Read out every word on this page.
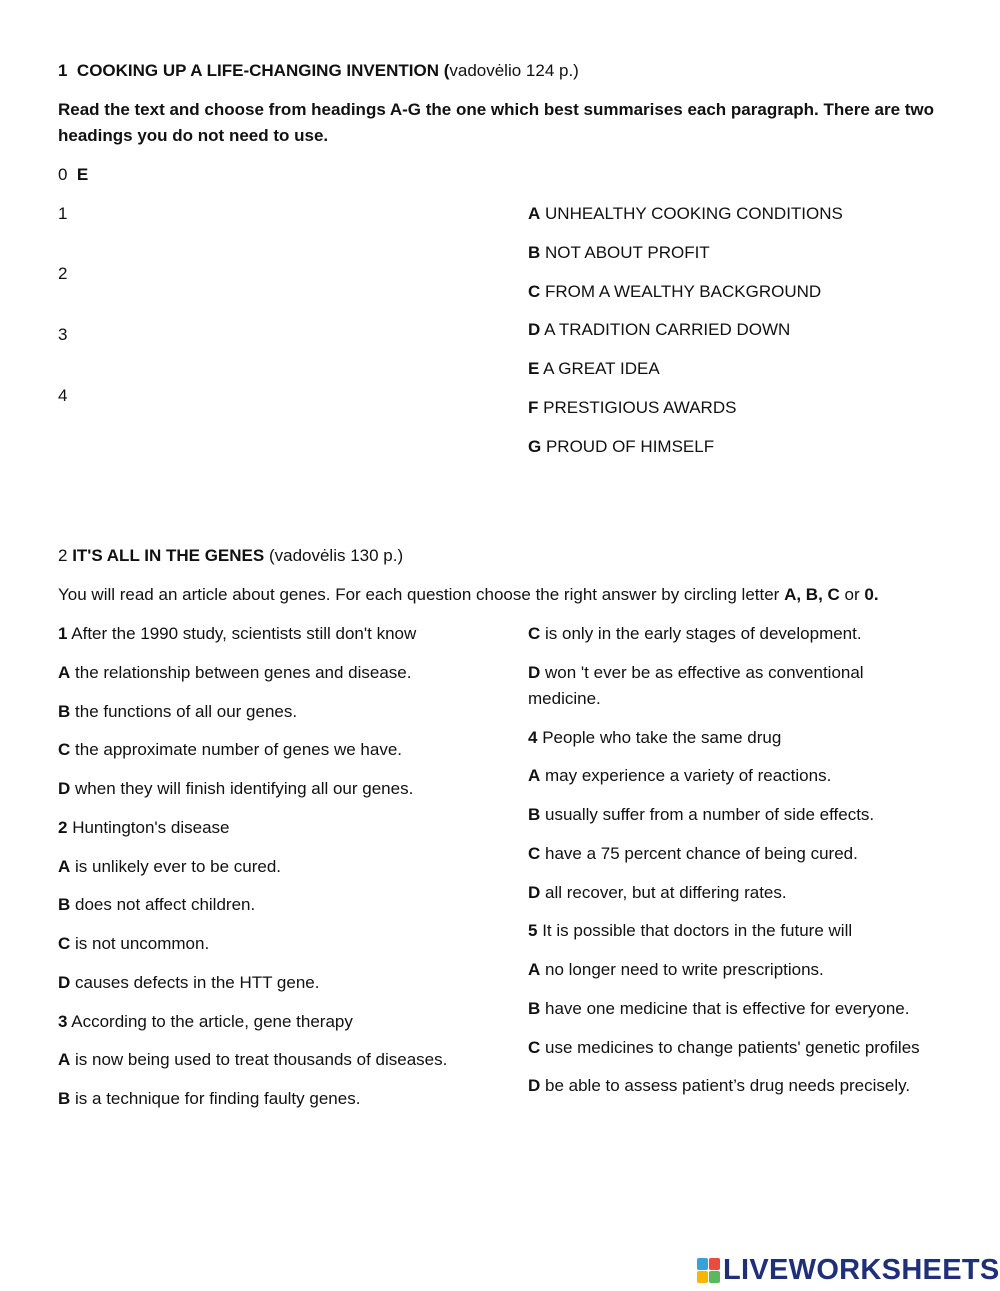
1 COOKING UP A LIFE-CHANGING INVENTION (vadovėlio 124 p.)
Read the text and choose from headings A-G the one which best summarises each paragraph. There are two
headings you do not need to use.
0 E
1
2
3
4
A UNHEALTHY COOKING CONDITIONS
B NOT ABOUT PROFIT
C FROM A WEALTHY BACKGROUND
D A TRADITION CARRIED DOWN
E A GREAT IDEA
F PRESTIGIOUS AWARDS
G PROUD OF HIMSELF
2 IT'S ALL IN THE GENES (vadovėlis 130 p.)
You will read an article about genes. For each question choose the right answer by circling letter A, B, C or 0.
1 After the 1990 study, scientists still don't know
A the relationship between genes and disease.
B the functions of all our genes.
C the approximate number of genes we have.
D when they will finish identifying all our genes.
2 Huntington's disease
A is unlikely ever to be cured.
B does not affect children.
C is not uncommon.
D causes defects in the HTT gene.
3 According to the article, gene therapy
A is now being used to treat thousands of diseases.
B is a technique for finding faulty genes.
C is only in the early stages of development.
D won 't ever be as effective as conventional
medicine.
4 People who take the same drug
A may experience a variety of reactions.
B usually suffer from a number of side effects.
C have a 75 percent chance of being cured.
D all recover, but at differing rates.
5 It is possible that doctors in the future will
A no longer need to write prescriptions.
B have one medicine that is effective for everyone.
C use medicines to change patients' genetic profiles
D be able to assess patient’s drug needs precisely.
LIVEWORKSHEETS
